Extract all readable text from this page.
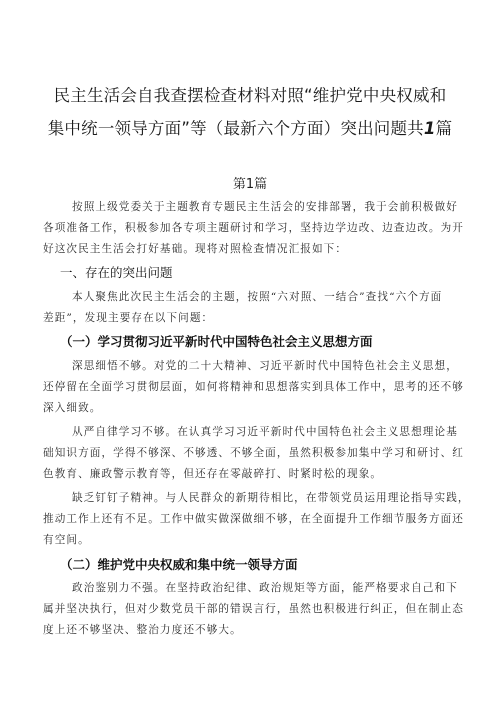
民主生活会自我查摆检查材料对照“维护党中央权威和
集中统一领导方面”等（最新六个方面）突出问题共1篇
第1篇
按照上级党委关于主题教育专题民主生活会的安排部署，我于会前积极做好
各项准备工作，积极参加各专项主题研讨和学习，坚持边学边改、边查边改。为开
好这次民主生活会打好基础。现将对照检查情况汇报如下：
一、存在的突出问题
本人聚焦此次民主生活会的主题，按照“六对照、一结合”查找“六个方面
差距”，发现主要存在以下问题：
（一）学习贯彻习近平新时代中国特色社会主义思想方面
深思细悟不够。对党的二十大精神、习近平新时代中国特色社会主义思想，
还停留在全面学习贯彻层面，如何将精神和思想落实到具体工作中，思考的还不够
深入细致。
从严自律学习不够。在认真学习习近平新时代中国特色社会主义思想理论基
础知识方面，学得不够深、不够透、不够全面，虽然积极参加集中学习和研讨、红
色教育、廉政警示教育等，但还存在零敲碎打、时紧时松的现象。
缺乏钉钉子精神。与人民群众的新期待相比，在带领党员运用理论指导实践，
推动工作上还有不足。工作中做实做深做细不够，在全面提升工作细节服务方面还
有空间。
（二）维护党中央权威和集中统一领导方面
政治鉴别力不强。在坚持政治纪律、政治规矩等方面，能严格要求自己和下
属并坚决执行，但对少数党员干部的错误言行，虽然也积极进行纠正，但在制止态
度上还不够坚决、整治力度还不够大。
